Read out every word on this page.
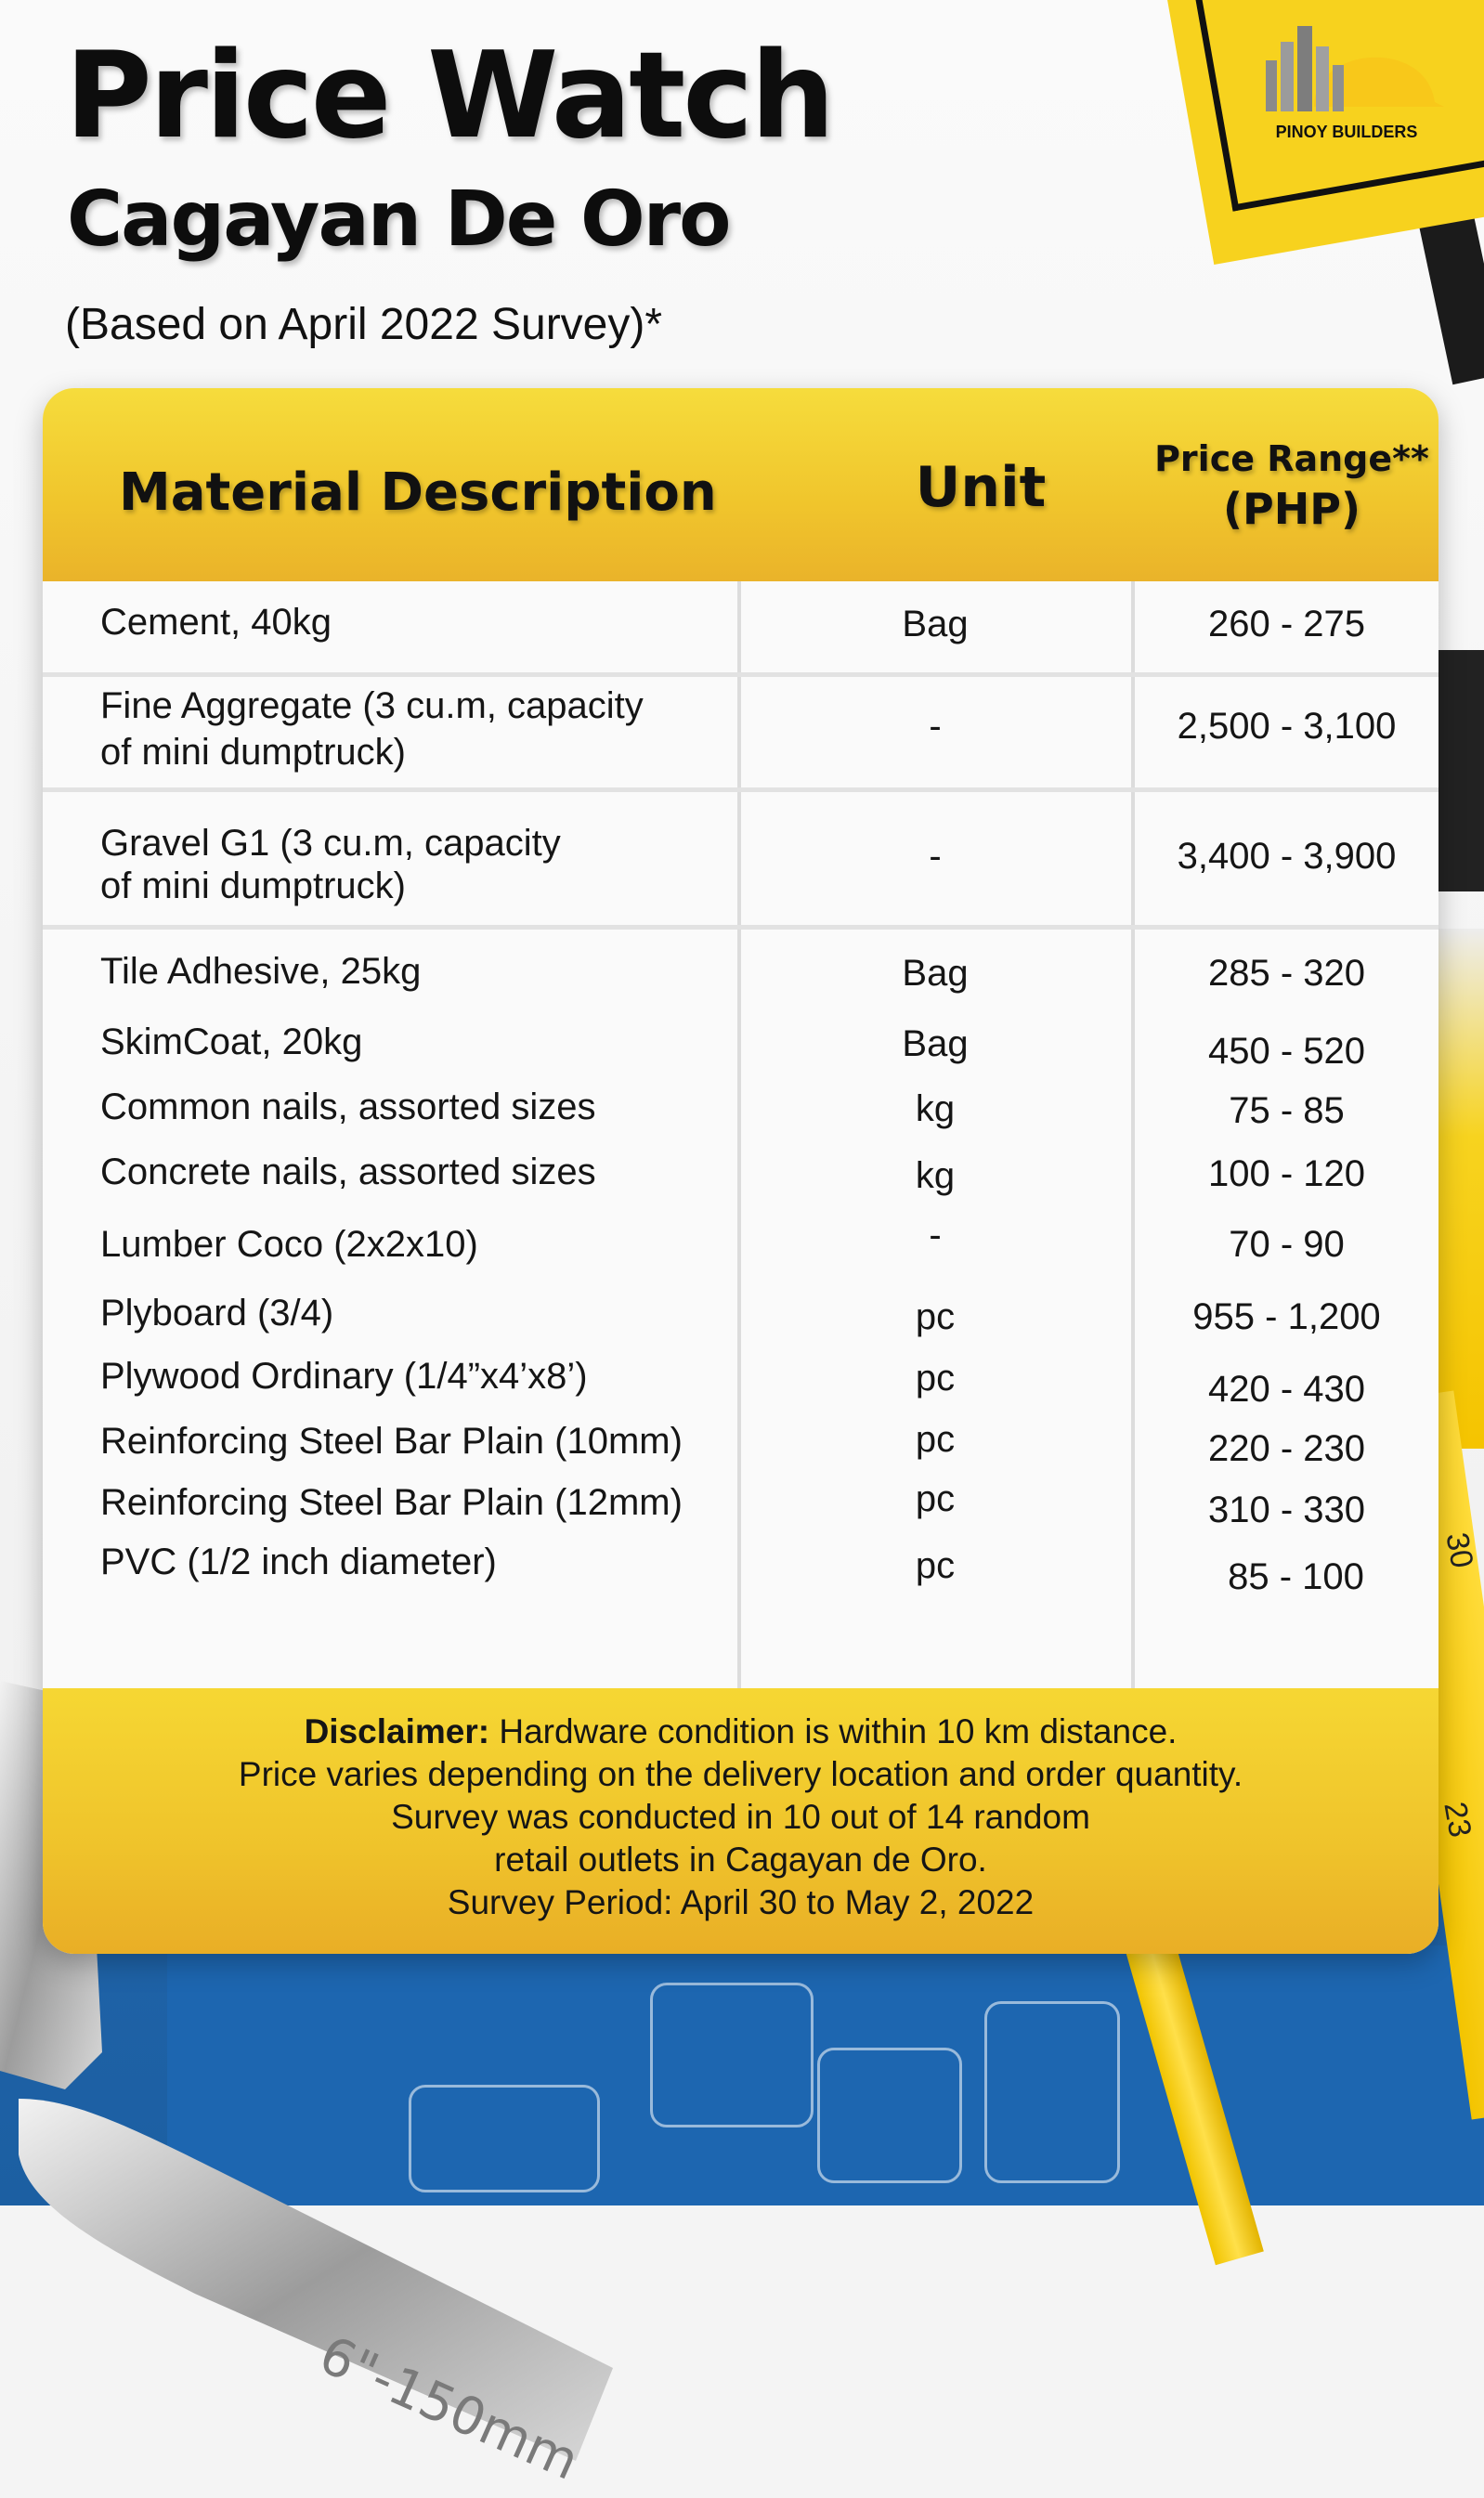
6"-150mm
PINOY BUILDERS
Price Watch
Cagayan De Oro
(Based on April 2022 Survey)*
Material Description	Unit	Price Range**
(PHP)
Cement, 40kg	Bag	260 - 275
Fine Aggregate (3 cu.m, capacity
of mini dumptruck)
-	2,500 - 3,100
Gravel G1 (3 cu.m, capacity
of mini dumptruck)
-	3,400 - 3,900
Tile Adhesive, 25kg	Bag	285 - 320
SkimCoat, 20kg	Bag	450 - 520
Common nails, assorted sizes	kg	75 - 85
Concrete nails, assorted sizes	kg	100 - 120
Lumber Coco (2x2x10)	-	70 - 90
Plyboard (3/4)	pc	955 - 1,200
Plywood Ordinary (1/4”x4’x8’)	pc	420 - 430
Reinforcing Steel Bar Plain (10mm)	pc	220 - 230
Reinforcing Steel Bar Plain (12mm)	pc	310 - 330
PVC (1/2 inch diameter)	pc	85 - 100
Disclaimer: Hardware condition is within 10 km distance.
Price varies depending on the delivery location and order quantity.
Survey was conducted in 10 out of 14 random
retail outlets in Cagayan de Oro.
Survey Period: April 30 to May 2, 2022
30
23
